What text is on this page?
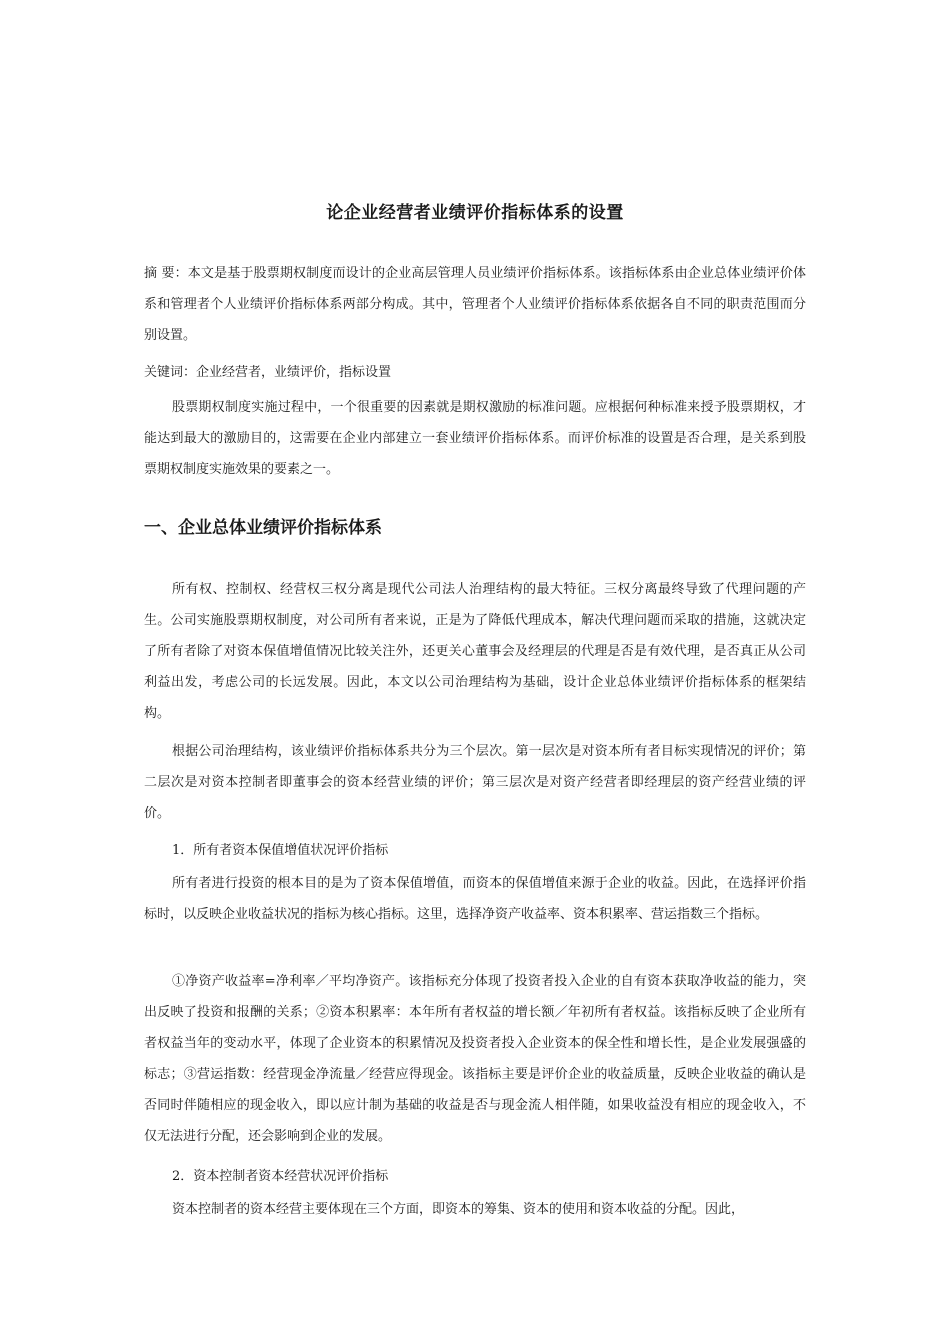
论企业经营者业绩评价指标体系的设置
摘 要：本文是基于股票期权制度而设计的企业高层管理人员业绩评价指标体系。该指标体系由企业总体业绩评价体系和管理者个人业绩评价指标体系两部分构成。其中，管理者个人业绩评价指标体系依据各自不同的职责范围而分别设置。
关键词：企业经营者，业绩评价，指标设置
股票期权制度实施过程中，一个很重要的因素就是期权激励的标准问题。应根据何种标准来授予股票期权，才能达到最大的激励目的，这需要在企业内部建立一套业绩评价指标体系。而评价标准的设置是否合理，是关系到股票期权制度实施效果的要素之一。
一、企业总体业绩评价指标体系
所有权、控制权、经营权三权分离是现代公司法人治理结构的最大特征。三权分离最终导致了代理问题的产生。公司实施股票期权制度，对公司所有者来说，正是为了降低代理成本，解决代理问题而采取的措施，这就决定了所有者除了对资本保值增值情况比较关注外，还更关心董事会及经理层的代理是否是有效代理，是否真正从公司利益出发，考虑公司的长远发展。因此，本文以公司治理结构为基础，设计企业总体业绩评价指标体系的框架结构。
根据公司治理结构，该业绩评价指标体系共分为三个层次。第一层次是对资本所有者目标实现情况的评价；第二层次是对资本控制者即董事会的资本经营业绩的评价；第三层次是对资产经营者即经理层的资产经营业绩的评价。
1．所有者资本保值增值状况评价指标
所有者进行投资的根本目的是为了资本保值增值，而资本的保值增值来源于企业的收益。因此，在选择评价指标时，以反映企业收益状况的指标为核心指标。这里，选择净资产收益率、资本积累率、营运指数三个指标。
①净资产收益率=净利率／平均净资产。该指标充分体现了投资者投入企业的自有资本获取净收益的能力，突出反映了投资和报酬的关系；②资本积累率：本年所有者权益的增长额／年初所有者权益。该指标反映了企业所有者权益当年的变动水平，体现了企业资本的积累情况及投资者投入企业资本的保全性和增长性，是企业发展强盛的标志；③营运指数：经营现金净流量／经营应得现金。该指标主要是评价企业的收益质量，反映企业收益的确认是否同时伴随相应的现金收入，即以应计制为基础的收益是否与现金流人相伴随，如果收益没有相应的现金收入，不仅无法进行分配，还会影响到企业的发展。
2．资本控制者资本经营状况评价指标
资本控制者的资本经营主要体现在三个方面，即资本的筹集、资本的使用和资本收益的分配。因此，
